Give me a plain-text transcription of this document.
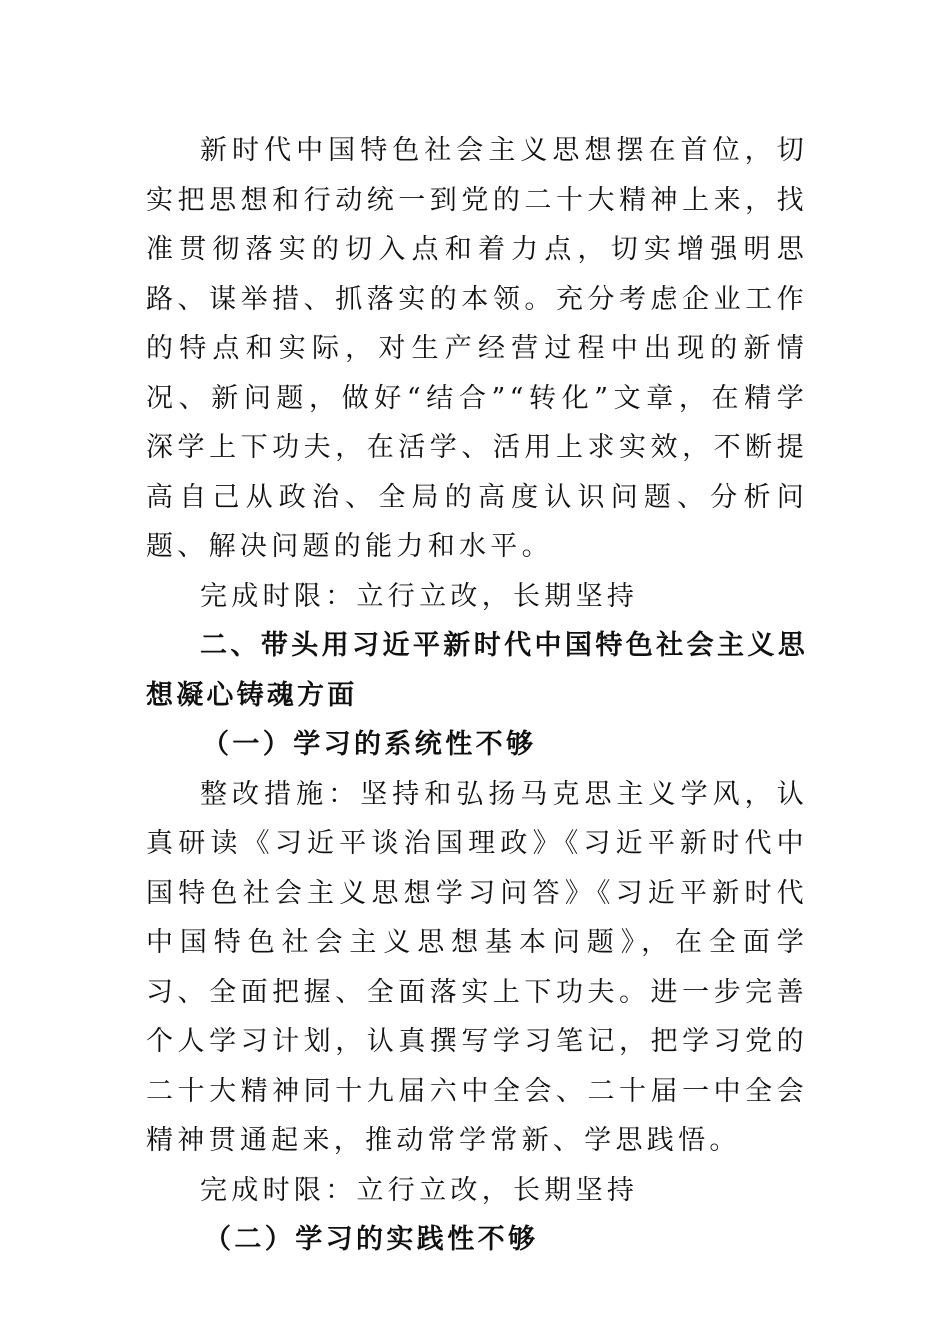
新时代中国特色社会主义思想摆在首位，切实把思想和行动统一到党的二十大精神上来，找准贯彻落实的切入点和着力点，切实增强明思路、谋举措、抓落实的本领。充分考虑企业工作的特点和实际，对生产经营过程中出现的新情况、新问题，做好“结合”“转化”文章，在精学深学上下功夫，在活学、活用上求实效，不断提高自己从政治、全局的高度认识问题、分析问题、解决问题的能力和水平。

完成时限：立行立改，长期坚持

二、带头用习近平新时代中国特色社会主义思想凝心铸魂方面

（一）学习的系统性不够

整改措施：坚持和弘扬马克思主义学风，认真研读《习近平谈治国理政》《习近平新时代中国特色社会主义思想学习问答》《习近平新时代中国特色社会主义思想基本问题》，在全面学习、全面把握、全面落实上下功夫。进一步完善个人学习计划，认真撰写学习笔记，把学习党的二十大精神同十九届六中全会、二十届一中全会精神贯通起来，推动常学常新、学思践悟。

完成时限：立行立改，长期坚持

（二）学习的实践性不够
